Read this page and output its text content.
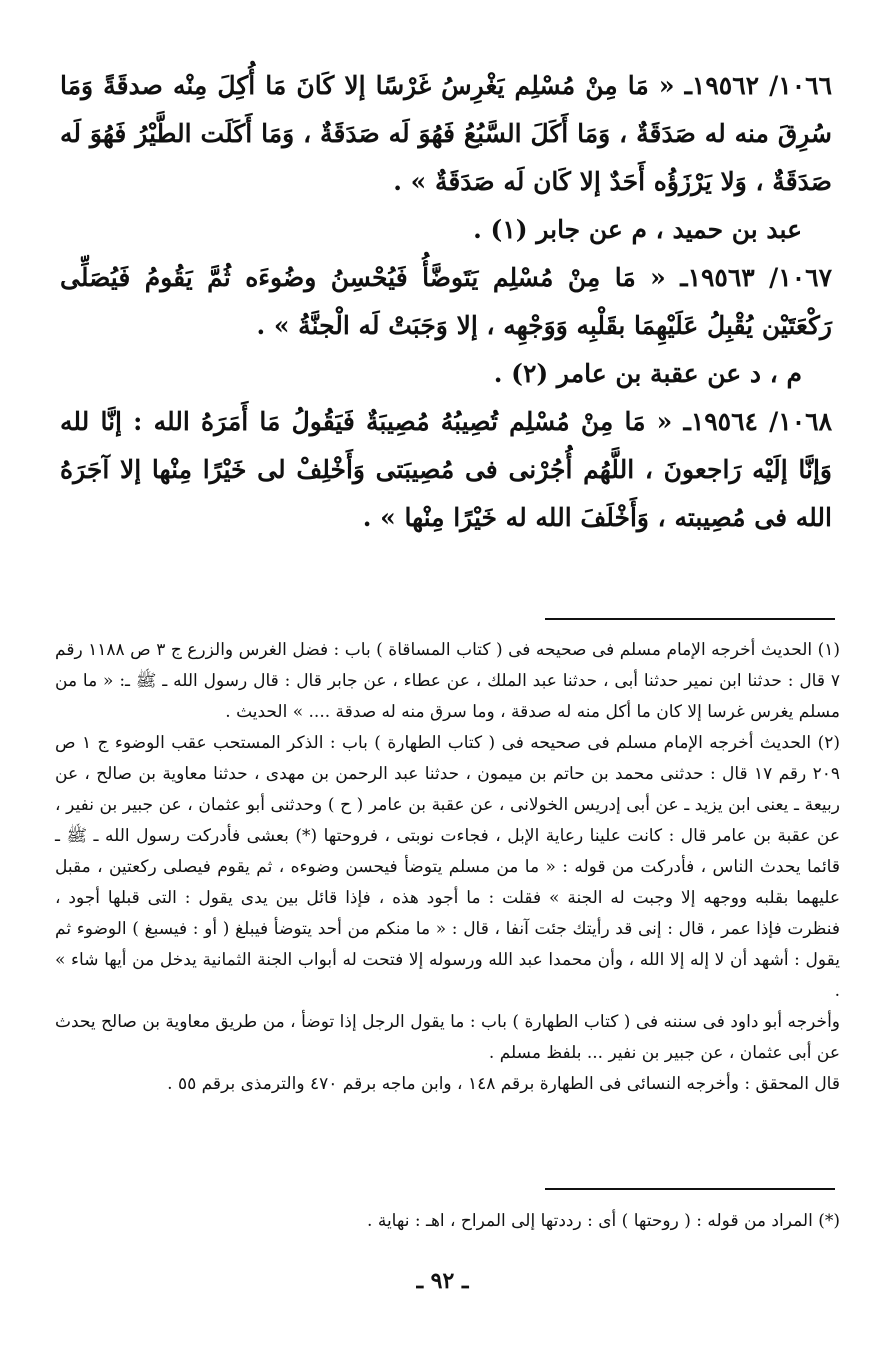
١٠٦٦/ ١٩٥٦٢ـ « مَا مِنْ مُسْلِم يَغْرِسُ غَرْسًا إلا كَانَ مَا أُكِلَ مِنْه صدقَةً وَمَا سُرِقَ منه له صَدَقَةٌ ، وَمَا أَكَلَ السَّبُعُ فَهُوَ لَه صَدَقَةٌ ، وَمَا أَكَلَت الطَّيْرُ فَهُوَ لَه صَدَقَةٌ ، وَلا يَرْزَؤُه أَحَدٌ إلا كَان لَه صَدَقَةٌ » .

عبد بن حميد ، م عن جابر (١) .

١٠٦٧/ ١٩٥٦٣ـ « مَا مِنْ مُسْلِم يَتَوضَّأُ فَيُحْسِنُ وضُوءَه ثُمَّ يَقُومُ فَيُصَلِّى رَكْعَتَيْن يُقْبِلُ عَلَيْهِمَا بقَلْبِه وَوَجْهِه ، إلا وَجَبَتْ لَه الْجنَّةُ » .

م ، د عن عقبة بن عامر (٢) .

١٠٦٨/ ١٩٥٦٤ـ « مَا مِنْ مُسْلِم تُصِيبُهُ مُصِيبَةٌ فَيَقُولُ مَا أَمَرَهُ الله : إنَّا لله وَإنَّا إلَيْه رَاجعونَ ، اللَّهُم أُجُرْنى فى مُصِيبَتى وَأَخْلِفْ لى خَيْرًا مِنْها إلا آجَرَهُ الله فى مُصِيبته ، وَأَخْلَفَ الله له خَيْرًا مِنْها » .

(١) الحديث أخرجه الإمام مسلم فى صحيحه فى ( كتاب المساقاة ) باب : فضل الغرس والزرع ج ٣ ص ١١٨٨ رقم ٧ قال : حدثنا ابن نمير حدثنا أبى ، حدثنا عبد الملك ، عن عطاء ، عن جابر قال : قال رسول الله ـ ﷺ ـ: « ما من مسلم يغرس غرسا إلا كان ما أكل منه له صدقة ، وما سرق منه له صدقة .... » الحديث .

(٢) الحديث أخرجه الإمام مسلم فى صحيحه فى ( كتاب الطهارة ) باب : الذكر المستحب عقب الوضوء ج ١ ص ٢٠٩ رقم ١٧ قال : حدثنى محمد بن حاتم بن ميمون ، حدثنا عبد الرحمن بن مهدى ، حدثنا معاوية بن صالح ، عن ربيعة ـ يعنى ابن يزيد ـ عن أبى إدريس الخولانى ، عن عقبة بن عامر ( ح ) وحدثنى أبو عثمان ، عن جبير بن نفير ، عن عقبة بن عامر قال : كانت علينا رعاية الإبل ، فجاءت نوبتى ، فروحتها (*) بعشى فأدركت رسول الله ـ ﷺ ـ قائما يحدث الناس ، فأدركت من قوله : « ما من مسلم يتوضأ فيحسن وضوءه ، ثم يقوم فيصلى ركعتين ، مقبل عليهما بقلبه ووجهه إلا وجبت له الجنة » فقلت : ما أجود هذه ، فإذا قائل بين يدى يقول : التى قبلها أجود ، فنظرت فإذا عمر ، قال : إنى قد رأيتك جئت آنفا ، قال : « ما منكم من أحد يتوضأ فيبلغ ( أو : فيسبغ ) الوضوء ثم يقول : أشهد أن لا إله إلا الله ، وأن محمدا عبد الله ورسوله إلا فتحت له أبواب الجنة الثمانية يدخل من أيها شاء » .

وأخرجه أبو داود فى سننه فى ( كتاب الطهارة ) باب : ما يقول الرجل إذا توضأ ، من طريق معاوية بن صالح يحدث عن أبى عثمان ، عن جبير بن نفير ... بلفظ مسلم .

قال المحقق : وأخرجه النسائى فى الطهارة برقم ١٤٨ ، وابن ماجه برقم ٤٧٠ والترمذى برقم ٥٥ .

(*) المراد من قوله : ( روحتها ) أى : رددتها إلى المراح ، اهـ : نهاية .

ـ ٩٢ ـ
